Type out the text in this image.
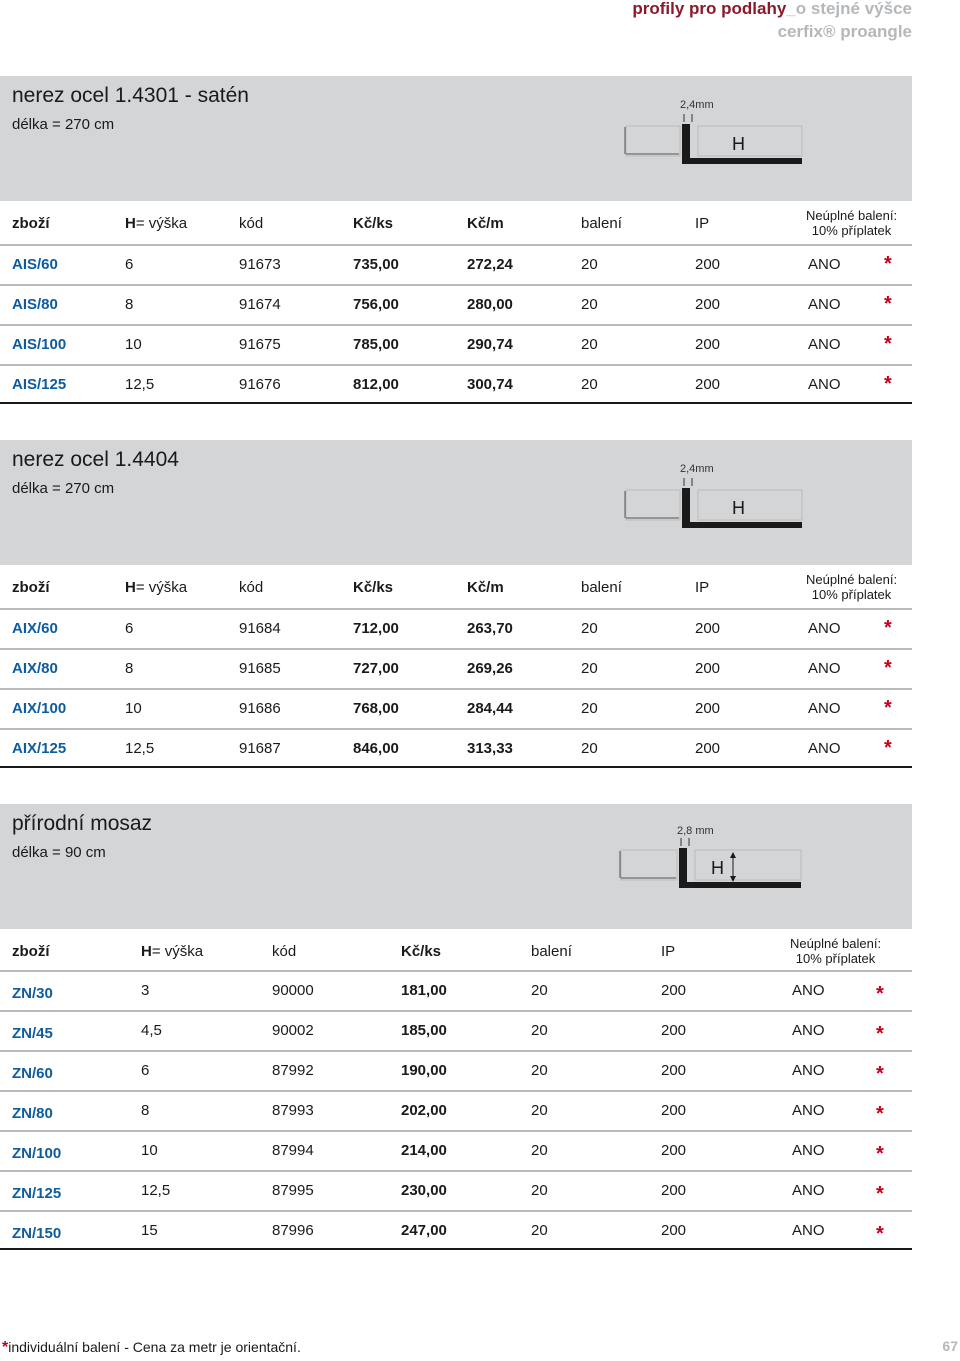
profily pro podlahy_o stejné výšce
cerfix® proangle
nerez ocel 1.4301 - satén
délka = 270 cm
2,4mm
H
zboží	H= výška	kód	Kč/ks	Kč/m	balení	IP	Neúplné balení:
10% příplatek
AIS/60	6	91673	735,00	272,24	20	200	ANO *
AIS/80	8	91674	756,00	280,00	20	200	ANO *
AIS/100	10	91675	785,00	290,74	20	200	ANO *
AIS/125	12,5	91676	812,00	300,74	20	200	ANO *
nerez ocel 1.4404
délka = 270 cm
2,4mm
H
zboží	H= výška	kód	Kč/ks	Kč/m	balení	IP	Neúplné balení:
10% příplatek
AIX/60	6	91684	712,00	263,70	20	200	ANO *
AIX/80	8	91685	727,00	269,26	20	200	ANO *
AIX/100	10	91686	768,00	284,44	20	200	ANO *
AIX/125	12,5	91687	846,00	313,33	20	200	ANO *
přírodní mosaz
délka = 90 cm
2,8 mm
H
zboží	H= výška	kód	Kč/ks	balení	IP	Neúplné balení:
10% příplatek
ZN/30	3	90000	181,00	20	200	ANO	*
ZN/45	4,5	90002	185,00	20	200	ANO	*
ZN/60	6	87992	190,00	20	200	ANO	*
ZN/80	8	87993	202,00	20	200	ANO	*
ZN/100	10	87994	214,00	20	200	ANO	*
ZN/125	12,5	87995	230,00	20	200	ANO	*
ZN/150	15	87996	247,00	20	200	ANO	*
*individuální balení - Cena za metr je orientační.	67
